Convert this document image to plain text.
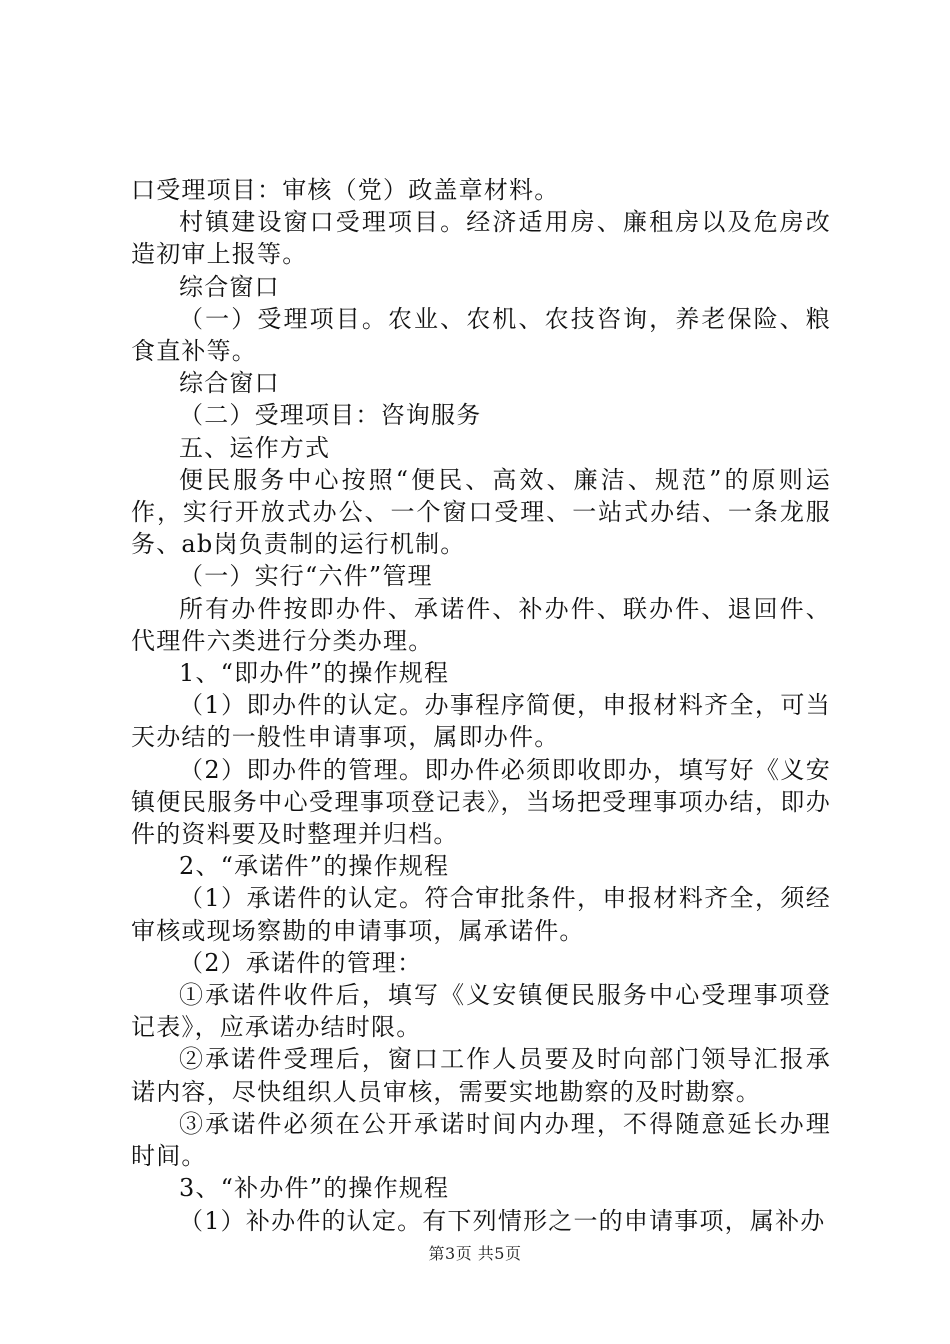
口受理项目：审核（党）政盖章材料。

村镇建设窗口受理项目。经济适用房、廉租房以及危房改造初审上报等。

综合窗口

（一）受理项目。农业、农机、农技咨询，养老保险、粮食直补等。

综合窗口

（二）受理项目：咨询服务

五、运作方式

便民服务中心按照“便民、高效、廉洁、规范”的原则运作，实行开放式办公、一个窗口受理、一站式办结、一条龙服务、ab岗负责制的运行机制。

（一）实行“六件”管理

所有办件按即办件、承诺件、补办件、联办件、退回件、代理件六类进行分类办理。

1、“即办件”的操作规程

（1）即办件的认定。办事程序简便，申报材料齐全，可当天办结的一般性申请事项，属即办件。

（2）即办件的管理。即办件必须即收即办，填写好《义安镇便民服务中心受理事项登记表》，当场把受理事项办结，即办件的资料要及时整理并归档。

2、“承诺件”的操作规程

（1）承诺件的认定。符合审批条件，申报材料齐全，须经审核或现场察勘的申请事项，属承诺件。

（2）承诺件的管理：

①承诺件收件后，填写《义安镇便民服务中心受理事项登记表》，应承诺办结时限。

②承诺件受理后，窗口工作人员要及时向部门领导汇报承诺内容，尽快组织人员审核，需要实地勘察的及时勘察。

③承诺件必须在公开承诺时间内办理，不得随意延长办理时间。

3、“补办件”的操作规程

（1）补办件的认定。有下列情形之一的申请事项，属补办

第3页 共5页
